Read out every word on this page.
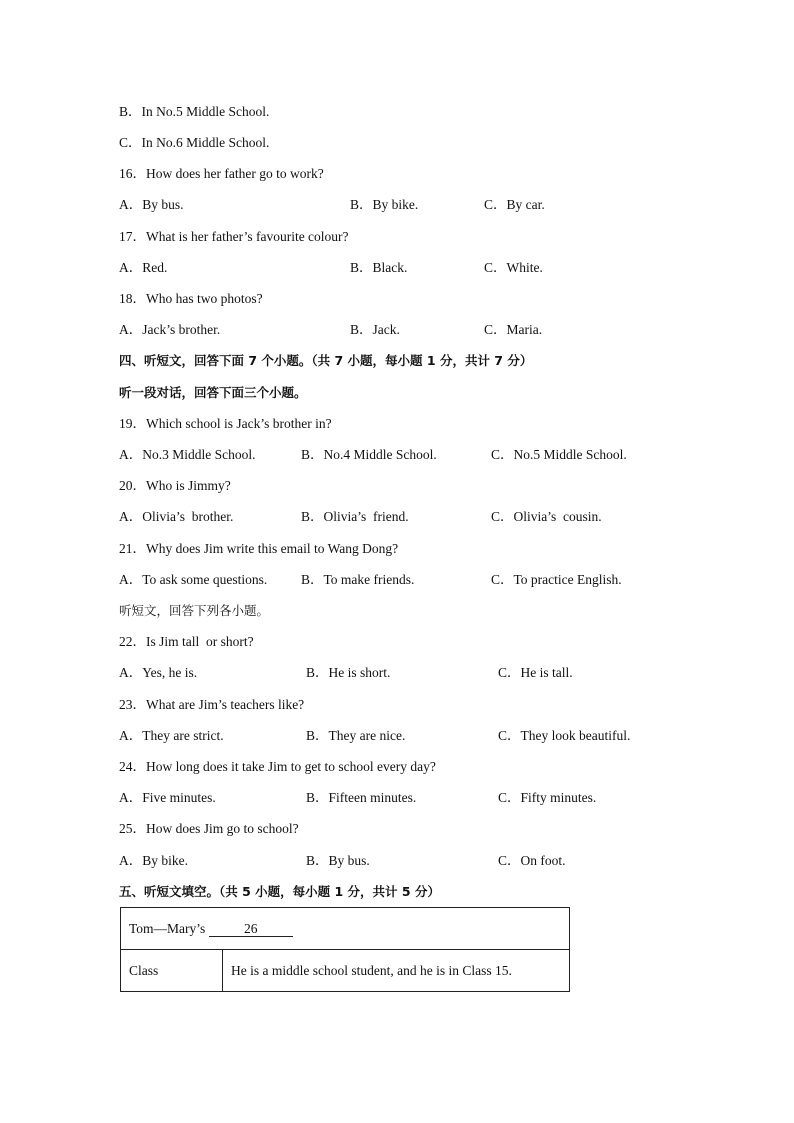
B．In No.5 Middle School.
C．In No.6 Middle School.
16．How does her father go to work?
A．By bus.	B．By bike.	C．By car.
17．What is her father’s favourite colour?
A．Red.	B．Black.	C．White.
18．Who has two photos?
A．Jack’s brother.	B．Jack.	C．Maria.
四、听短文，回答下面 7 个小题。（共 7 小题，每小题 1 分，共计 7 分）
听一段对话，回答下面三个小题。
19．Which school is Jack’s brother in?
A．No.3 Middle School.	B．No.4 Middle School.	C．No.5 Middle School.
20．Who is Jimmy?
A．Olivia’s  brother.	B．Olivia’s  friend.	C．Olivia’s  cousin.
21．Why does Jim write this email to Wang Dong?
A．To ask some questions. B．To make friends.	C．To practice English.
听短文，回答下列各小题。
22．Is Jim tall  or short?
A．Yes, he is.	B．He is short.	C．He is tall.
23．What are Jim’s teachers like?
A．They are strict.	B．They are nice.	C．They look beautiful.
24．How long does it take Jim to get to school every day?
A．Five minutes.	B．Fifteen minutes.	C．Fifty minutes.
25．How does Jim go to school?
A．By bike.	B．By bus.	C．On foot.
五、听短文填空。（共 5 小题，每小题 1 分，共计 5 分）
Tom—Mary’s	26
Class	He is a middle school student, and he is in Class 15.
